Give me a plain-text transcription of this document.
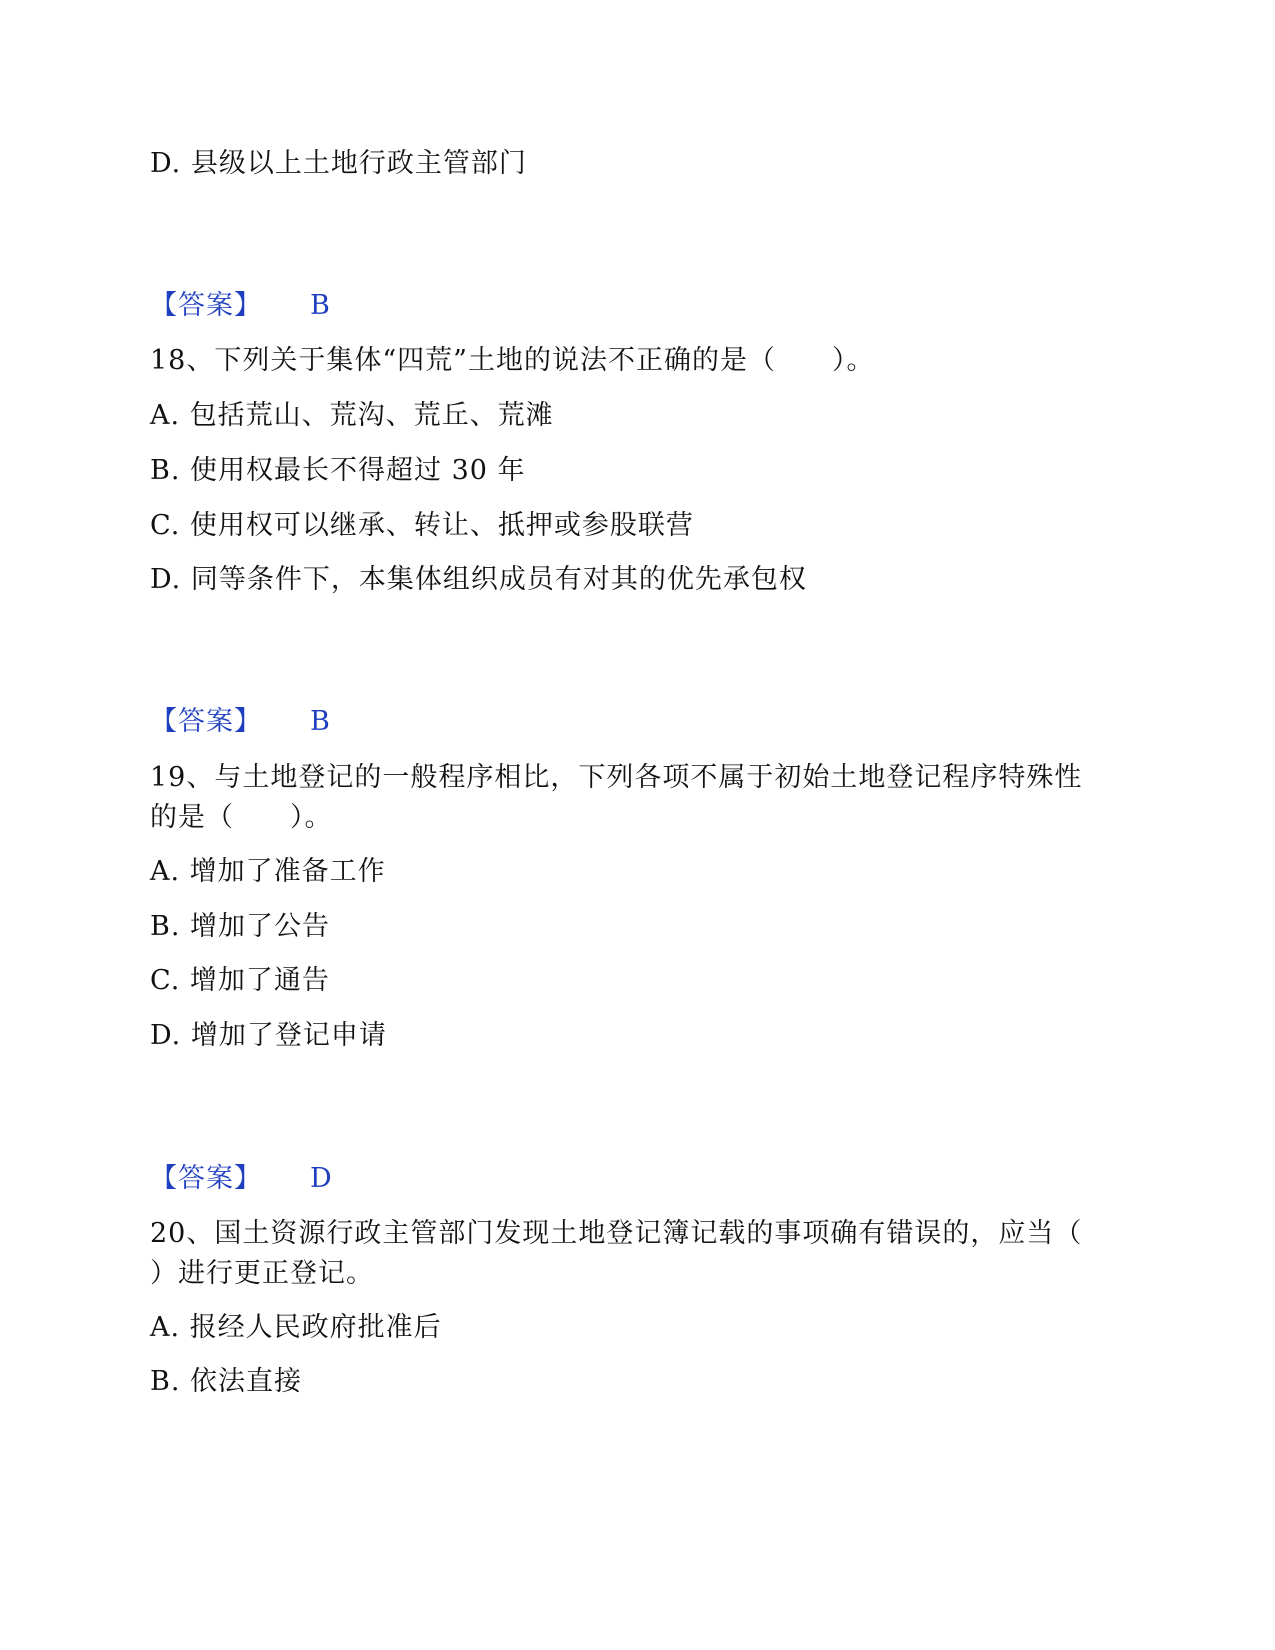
D. 县级以上土地行政主管部门
【答案】 B
18、下列关于集体“四荒”土地的说法不正确的是（　　）。
A. 包括荒山、荒沟、荒丘、荒滩
B. 使用权最长不得超过 30 年
C. 使用权可以继承、转让、抵押或参股联营
D. 同等条件下，本集体组织成员有对其的优先承包权
【答案】 B
19、与土地登记的一般程序相比，下列各项不属于初始土地登记程序特殊性
的是（　　）。
A. 增加了准备工作
B. 增加了公告
C. 增加了通告
D. 增加了登记申请
【答案】 D
20、国土资源行政主管部门发现土地登记簿记载的事项确有错误的，应当（
）进行更正登记。
A. 报经人民政府批准后
B. 依法直接
